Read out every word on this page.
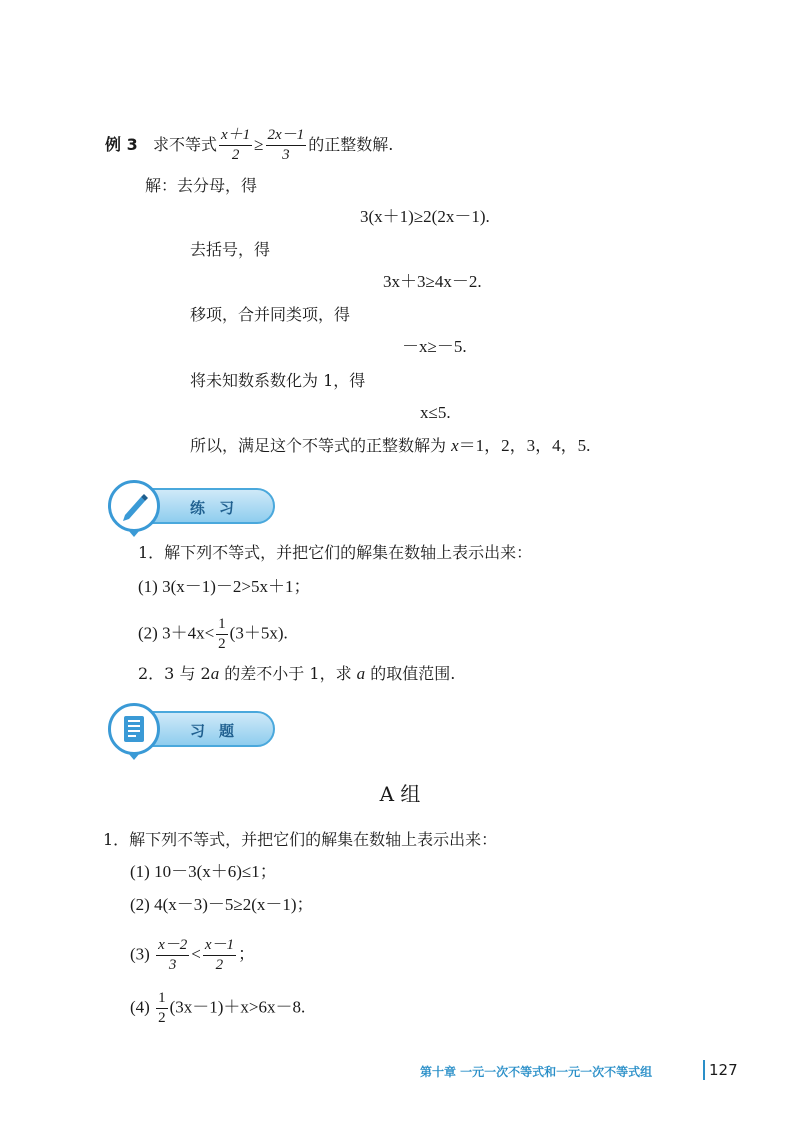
例 3 求不等式 $\frac{x+1}{2} \ge \frac{2x-1}{3}$ 的正整数解.
解：去分母，得
3(x＋1)≥2(2x－1).
去括号，得
3x＋3≥4x－2.
移项，合并同类项，得
－x≥－5.
将未知数系数化为 1，得
x≤5.
所以，满足这个不等式的正整数解为 x＝1，2，3，4，5.
练习
1．解下列不等式，并把它们的解集在数轴上表示出来：
(1) 3(x－1)－2>5x＋1；
(2) $3+4x< \frac{1}{2} (3+5x)$.
2．3 与 2a 的差不小于 1，求 a 的取值范围.
习题
A 组
1．解下列不等式，并把它们的解集在数轴上表示出来：
(1) 10－3(x＋6)≤1；
(2) 4(x－3)－5≥2(x－1)；
$(3) \frac{x-2}{3} < \frac{x-1}{2}$ ；
$(4) \frac{1}{2} (3x-1)+x>6x-8$.
第十章 一元一次不等式和一元一次不等式组	127
